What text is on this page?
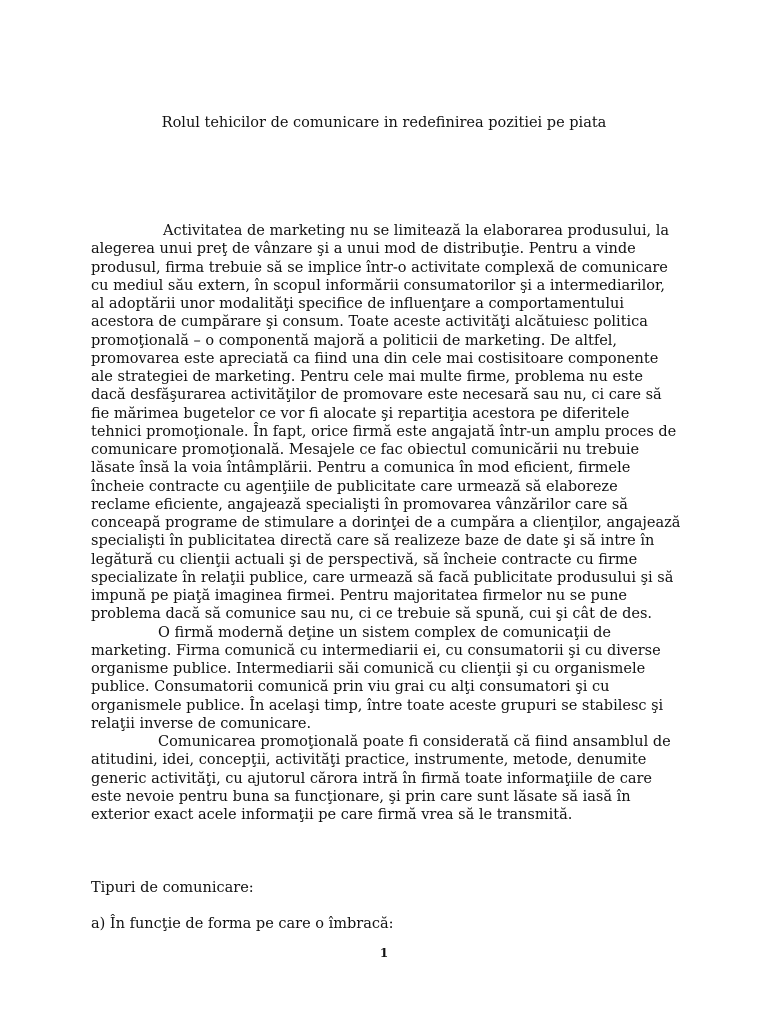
Rolul tehicilor de comunicare in redefinirea pozitiei pe piata

Activitatea de marketing nu se limitează la elaborarea produsului, la alegerea unui preţ de vânzare şi a unui mod de distribuţie. Pentru a vinde produsul, firma trebuie să se implice într-o activitate complexă de comunicare cu mediul său extern, în scopul informării consumatorilor şi a intermediarilor, al adoptării unor modalităţi specifice de influenţare a comportamentului acestora de cumpărare şi consum. Toate aceste activităţi alcătuiesc politica promoţională – o componentă majoră a politicii de marketing. De altfel, promovarea este apreciată ca fiind una din cele mai costisitoare componente ale strategiei de marketing. Pentru cele mai multe firme, problema nu este dacă desfăşurarea activităţilor de promovare este necesară sau nu, ci care să fie mărimea bugetelor ce vor fi alocate şi repartiţia acestora pe diferitele tehnici promoţionale. În fapt, orice firmă este angajată într-un amplu proces de comunicare promoţională. Mesajele ce fac obiectul comunicării nu trebuie lăsate însă la voia întâmplării. Pentru a comunica în mod eficient, firmele încheie contracte cu agenţiile de publicitate care urmează să elaboreze reclame eficiente, angajează specialişti în promovarea vânzărilor care să conceapă programe de stimulare a dorinţei de a cumpăra a clienţilor, angajează specialişti în publicitatea directă care să realizeze baze de date şi să intre în legătură cu clienţii actuali şi de perspectivă, să încheie contracte cu firme specializate în relaţii publice, care urmează să facă publicitate produsului şi să impună pe piaţă imaginea firmei. Pentru majoritatea firmelor nu se pune problema dacă să comunice sau nu, ci ce trebuie să spună, cui şi cât de des.

O firmă modernă deţine un sistem complex de comunicaţii de marketing. Firma comunică cu intermediarii ei, cu consumatorii şi cu diverse organisme publice. Intermediarii săi comunică cu clienţii şi cu organismele publice. Consumatorii comunică prin viu grai cu alţi consumatori şi cu organismele publice. În acelaşi timp, între toate aceste grupuri se stabilesc şi relaţii inverse de comunicare.

Comunicarea promoţională poate fi considerată că fiind ansamblul de atitudini, idei, concepţii, activităţi practice, instrumente, metode, denumite generic activităţi, cu ajutorul cărora intră în firmă toate informaţiile de care este nevoie pentru buna sa funcţionare, şi prin care sunt lăsate să iasă în exterior exact acele informaţii pe care firmă vrea să le transmită.

Tipuri de comunicare:
a) În funcţie de forma pe care o îmbracă:
1
